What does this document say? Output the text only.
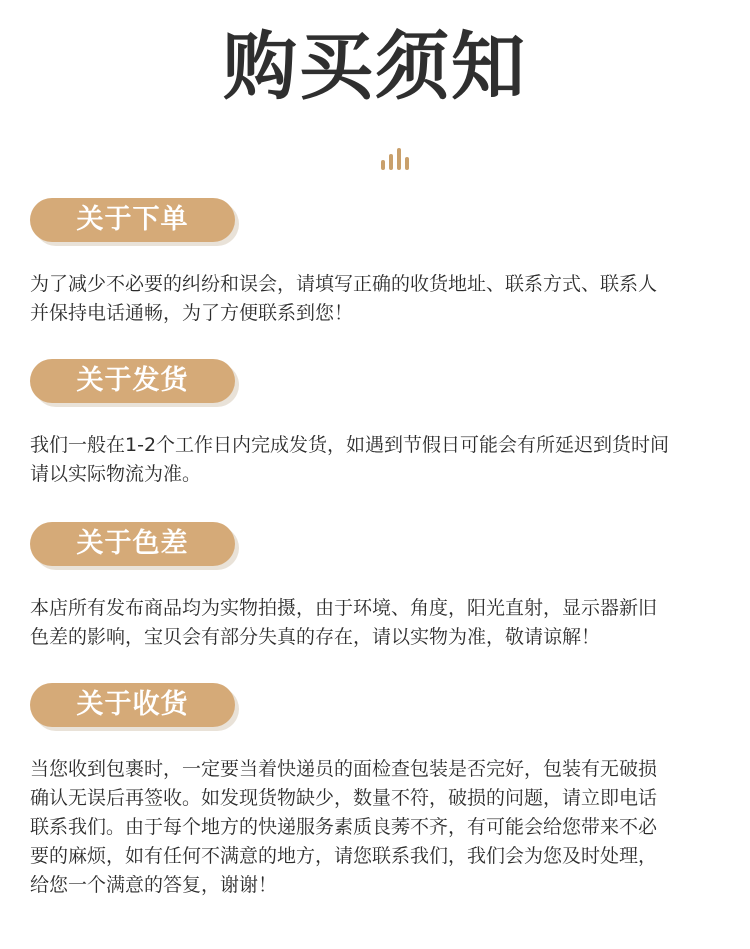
购买须知
关于下单
为了减少不必要的纠纷和误会，请填写正确的收货地址、联系方式、联系人
并保持电话通畅，为了方便联系到您！
关于发货
我们一般在1-2个工作日内完成发货，如遇到节假日可能会有所延迟到货时间
请以实际物流为准。
关于色差
本店所有发布商品均为实物拍摄，由于环境、角度，阳光直射，显示器新旧
色差的影响，宝贝会有部分失真的存在，请以实物为准，敬请谅解！
关于收货
当您收到包裹时，一定要当着快递员的面检查包装是否完好，包装有无破损
确认无误后再签收。如发现货物缺少，数量不符，破损的问题，请立即电话
联系我们。由于每个地方的快递服务素质良莠不齐，有可能会给您带来不必
要的麻烦，如有任何不满意的地方，请您联系我们，我们会为您及时处理，
给您一个满意的答复，谢谢！
